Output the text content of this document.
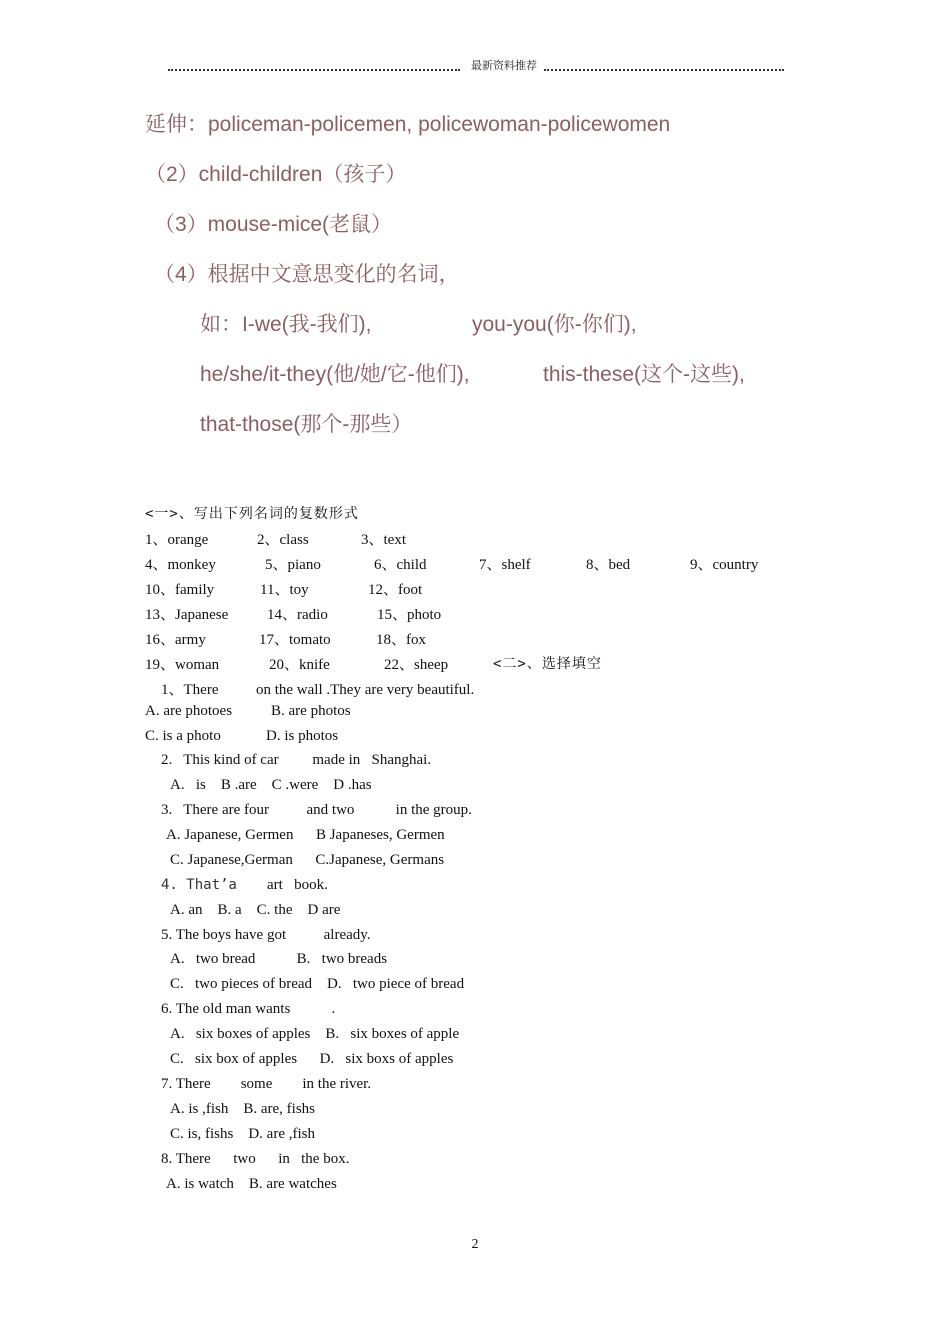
最新资料推荐
延伸：policeman-policemen, policewoman-policewomen
（2）child-children（孩子）
（3）mouse-mice(老鼠）
（4）根据中文意思变化的名词，
如：I-we(我-我们),	you-you(你-你们),
he/she/it-they(他/她/它-他们),	this-these(这个-这些),
that-those(那个-那些）
<一>、写出下列名词的复数形式
1、orange	2、class	3、text
4、monkey	5、piano	6、child	7、shelf	8、bed	9、country
10、family	11、toy	12、foot
13、Japanese	14、radio	15、photo
16、army	17、tomato	18、fox
19、woman	20、knife	22、sheep	<二>、选择填空
1、There          on the wall .They are very beautiful.
A. are photoes	B. are photos
C. is a photo	D. is photos
2.   This kind of car         made in   Shanghai.
A.   is    B .are    C .were    D .has
3.   There are four          and two           in the group.
A. Japanese, Germen      B Japaneses, Germen
C. Japanese,German      C.Japanese, Germans
4. That’a art   book.
A. an    B. a    C. the    D are
5. The boys have got          already.
A.   two bread           B.   two breads
C.   two pieces of bread    D.   two piece of bread
6. The old man wants           .
A.   six boxes of apples    B.   six boxes of apple
C.   six box of apples      D.   six boxs of apples
7. There        some        in the river.
A. is ,fish    B. are, fishs
C. is, fishs    D. are ,fish
8. There      two      in   the box.
A. is watch    B. are watches
2
